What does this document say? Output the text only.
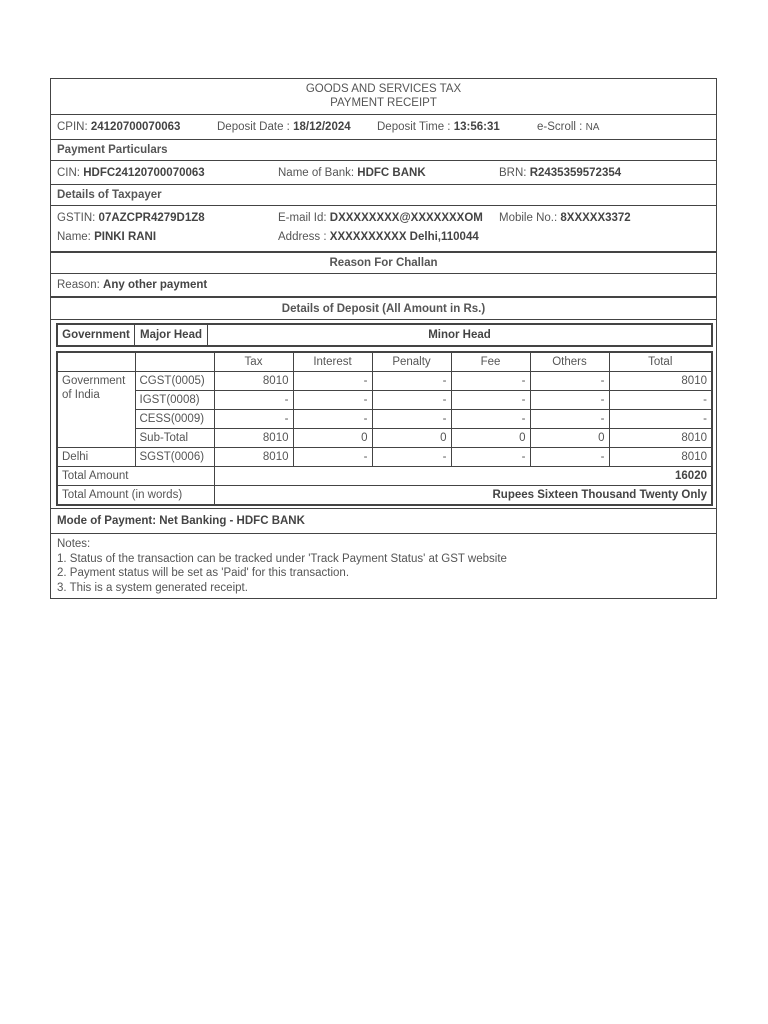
GOODS AND SERVICES TAX
PAYMENT RECEIPT
CPIN: 24120700070063	Deposit Date : 18/12/2024	Deposit Time : 13:56:31	e-Scroll : NA
Payment Particulars
CIN: HDFC24120700070063	Name of Bank: HDFC BANK	BRN: R2435359572354
Details of Taxpayer
GSTIN: 07AZCPR4279D1Z8	E-mail Id: DXXXXXXXX@XXXXXXXOM	Mobile No.: 8XXXXX3372
Name: PINKI RANI	Address : XXXXXXXXXX Delhi,110044
Reason For Challan
Reason: Any other payment
Details of Deposit (All Amount in Rs.)
Government	Major Head	Minor Head
		Tax	Interest	Penalty	Fee	Others	Total
Government of India	CGST(0005)	8010	-	-	-	-	8010
	IGST(0008)	-	-	-	-	-	-
	CESS(0009)	-	-	-	-	-	-
	Sub-Total	8010	0	0	0	0	8010
Delhi	SGST(0006)	8010	-	-	-	-	8010
Total Amount		16020					
Total Amount (in words)		Rupees Sixteen Thousand Twenty Only					
Mode of Payment:
Net Banking - HDFC BANK
Notes:
1. Status of the transaction can be tracked under 'Track Payment Status' at GST website
2. Payment status will be set as 'Paid' for this transaction.
3. This is a system generated receipt.
